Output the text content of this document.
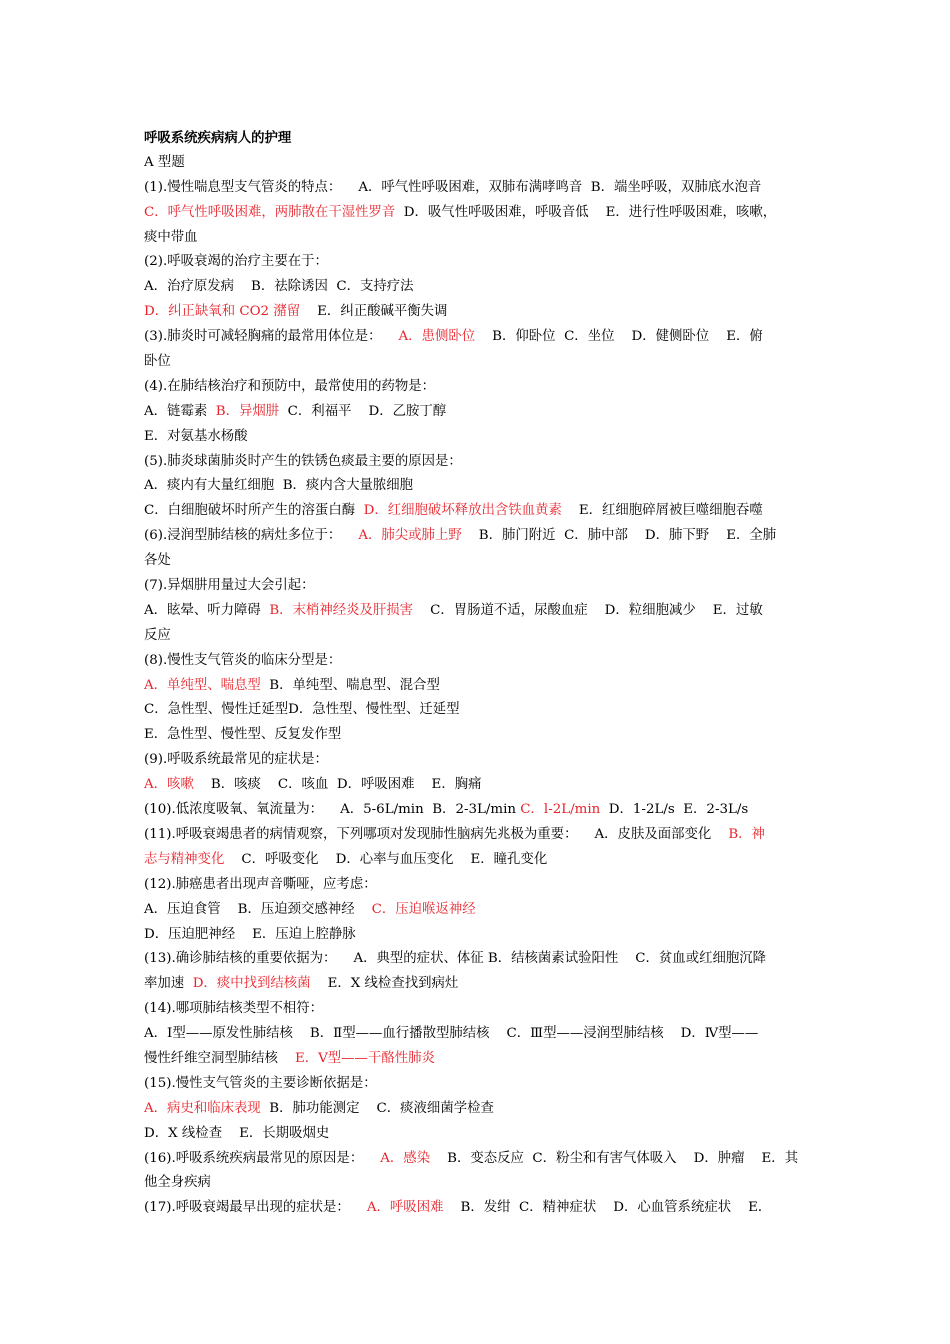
呼吸系统疾病病人的护理
A 型题
(1).慢性喘息型支气管炎的特点：    A．呼气性呼吸困难，双肺布满哮鸣音  B．端坐呼吸，双肺底水泡音
C．呼气性呼吸困难，两肺散在干湿性罗音  D．吸气性呼吸困难，呼吸音低    E．进行性呼吸困难，咳嗽，
痰中带血
(2).呼吸衰竭的治疗主要在于：
A．治疗原发病    B．祛除诱因  C．支持疗法
D．纠正缺氧和 CO2 潴留    E．纠正酸碱平衡失调
(3).肺炎时可减轻胸痛的最常用体位是：    A．患侧卧位    B．仰卧位  C．坐位    D．健侧卧位    E．俯
卧位
(4).在肺结核治疗和预防中，最常使用的药物是：
A．链霉素  B．异烟肼  C．利福平    D．乙胺丁醇
E．对氨基水杨酸
(5).肺炎球菌肺炎时产生的铁锈色痰最主要的原因是：
A．痰内有大量红细胞  B．痰内含大量脓细胞
C．白细胞破坏时所产生的溶蛋白酶  D．红细胞破坏释放出含铁血黄素    E．红细胞碎屑被巨噬细胞吞噬
(6).浸润型肺结核的病灶多位于：    A．肺尖或肺上野    B．肺门附近  C．肺中部    D．肺下野    E．全肺
各处
(7).异烟肼用量过大会引起：
A．眩晕、听力障碍  B．末梢神经炎及肝损害    C．胃肠道不适，尿酸血症    D．粒细胞减少    E．过敏
反应
(8).慢性支气管炎的临床分型是：
A．单纯型、喘息型  B．单纯型、喘息型、混合型
C．急性型、慢性迁延型D．急性型、慢性型、迁延型
E．急性型、慢性型、反复发作型
(9).呼吸系统最常见的症状是：
A．咳嗽    B．咳痰    C．咳血  D．呼吸困难    E．胸痛
(10).低浓度吸氧、氧流量为：    A．5-6L/min  B．2-3L/min C．l-2L/min  D．1-2L/s  E．2-3L/s
(11).呼吸衰竭患者的病情观察，下列哪项对发现肺性脑病先兆极为重要：    A．皮肤及面部变化    B．神
志与精神变化    C．呼吸变化    D．心率与血压变化    E．瞳孔变化
(12).肺癌患者出现声音嘶哑，应考虑：
A．压迫食管    B．压迫颈交感神经    C．压迫喉返神经
D．压迫肥神经    E．压迫上腔静脉
(13).确诊肺结核的重要依据为：    A．典型的症状、体征 B．结核菌素试验阳性    C．贫血或红细胞沉降
率加速  D．痰中找到结核菌    E．X 线检查找到病灶
(14).哪项肺结核类型不相符：
A．Ⅰ型——原发性肺结核    B．Ⅱ型——血行播散型肺结核    C．Ⅲ型——浸润型肺结核    D．Ⅳ型——
慢性纤维空洞型肺结核    E．Ⅴ型——干酪性肺炎
(15).慢性支气管炎的主要诊断依据是：
A．病史和临床表现  B．肺功能测定    C．痰液细菌学检查
D．X 线检查    E．长期吸烟史
(16).呼吸系统疾病最常见的原因是：    A．感染    B．变态反应  C．粉尘和有害气体吸入    D．肿瘤    E．其
他全身疾病
(17).呼吸衰竭最早出现的症状是：    A．呼吸困难    B．发绀  C．精神症状    D．心血管系统症状    E．
